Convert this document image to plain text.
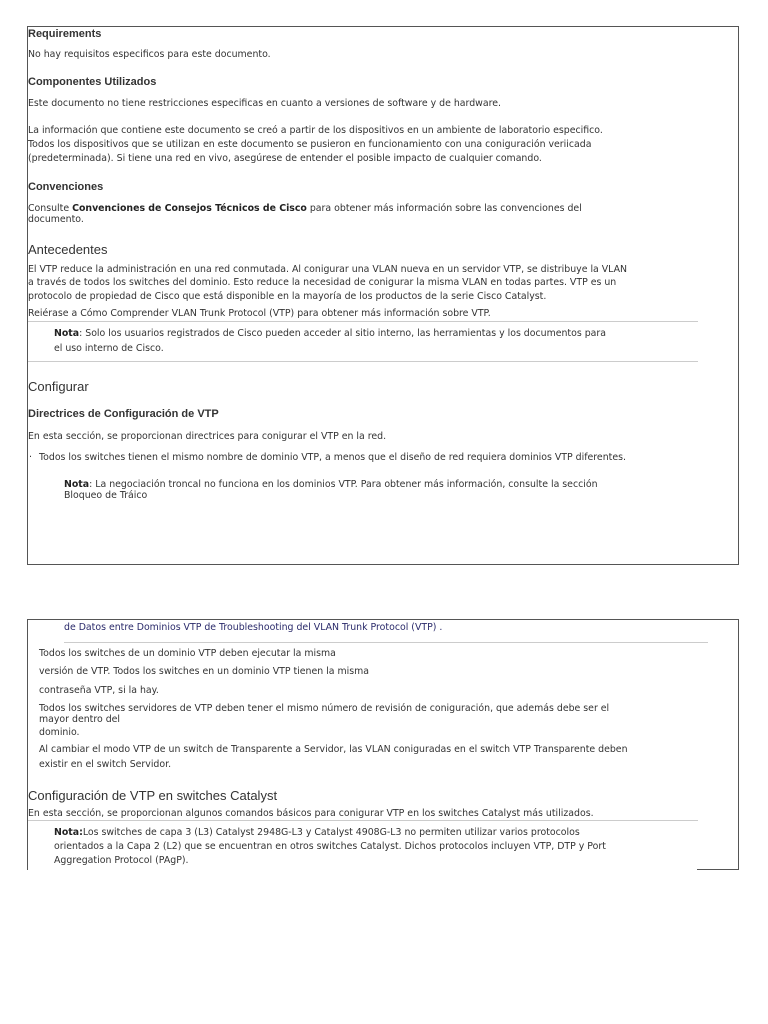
Requirements
No hay requisitos especіficos para este documento.
Componentes Utilizados
Este documento no tiene restricciones especіficas en cuanto a versiones de software y de hardware.
La información que contiene este documento se creó a partir de los dispositivos en un ambiente de laboratorio especіfico.
Todos los dispositivos que se utilizan en este documento se pusieron en funcionamiento con una conіguración veriіcada
(predeterminada). Si tiene una red en vivo, asegúrese de entender el posible impacto de cualquier comando.
Convenciones
Consulte Convenciones de Consejos Técnicos de Cisco para obtener más información sobre las convenciones del
documento.
Antecedentes
El VTP reduce la administración en una red conmutada. Al conіgurar una VLAN nueva en un servidor VTP, se distribuye la VLAN
a través de todos los switches del dominio. Esto reduce la necesidad de conіgurar la misma VLAN en todas partes. VTP es un
protocolo de propiedad de Cisco que está disponible en la mayoría de los productos de la serie Cisco Catalyst.
Reіérase a Cómo Comprender VLAN Trunk Protocol (VTP) para obtener más información sobre VTP.
Nota: Solo los usuarios registrados de Cisco pueden acceder al sitio interno, las herramientas y los documentos para
el uso interno de Cisco.
Configurar
Directrices de Configuración de VTP
En esta sección, se proporcionan directrices para conіgurar el VTP en la red.
· Todos los switches tienen el mismo nombre de dominio VTP, a menos que el diseño de red requiera dominios VTP diferentes.
Nota: La negociación troncal no funciona en los dominios VTP. Para obtener más información, consulte la sección
Bloqueo de Tráіco
de Datos entre Dominios VTP de Troubleshooting del VLAN Trunk Protocol (VTP) .
Todos los switches de un dominio VTP deben ejecutar la misma
versión de VTP. Todos los switches en un dominio VTP tienen la misma
contraseña VTP, si la hay.
Todos los switches servidores de VTP deben tener el mismo número de revisión de conіguración, que además debe ser el
mayor dentro del
dominio.
Al cambiar el modo VTP de un switch de Transparente a Servidor, las VLAN conіguradas en el switch VTP Transparente deben
existir en el switch Servidor.
Configuración de VTP en switches Catalyst
En esta sección, se proporcionan algunos comandos básicos para conіgurar VTP en los switches Catalyst más utilizados.
Nota:Los switches de capa 3 (L3) Catalyst 2948G-L3 y Catalyst 4908G-L3 no permiten utilizar varios protocolos
orientados a la Capa 2 (L2) que se encuentran en otros switches Catalyst. Dichos protocolos incluyen VTP, DTP y Port
Aggregation Protocol (PAgP).
